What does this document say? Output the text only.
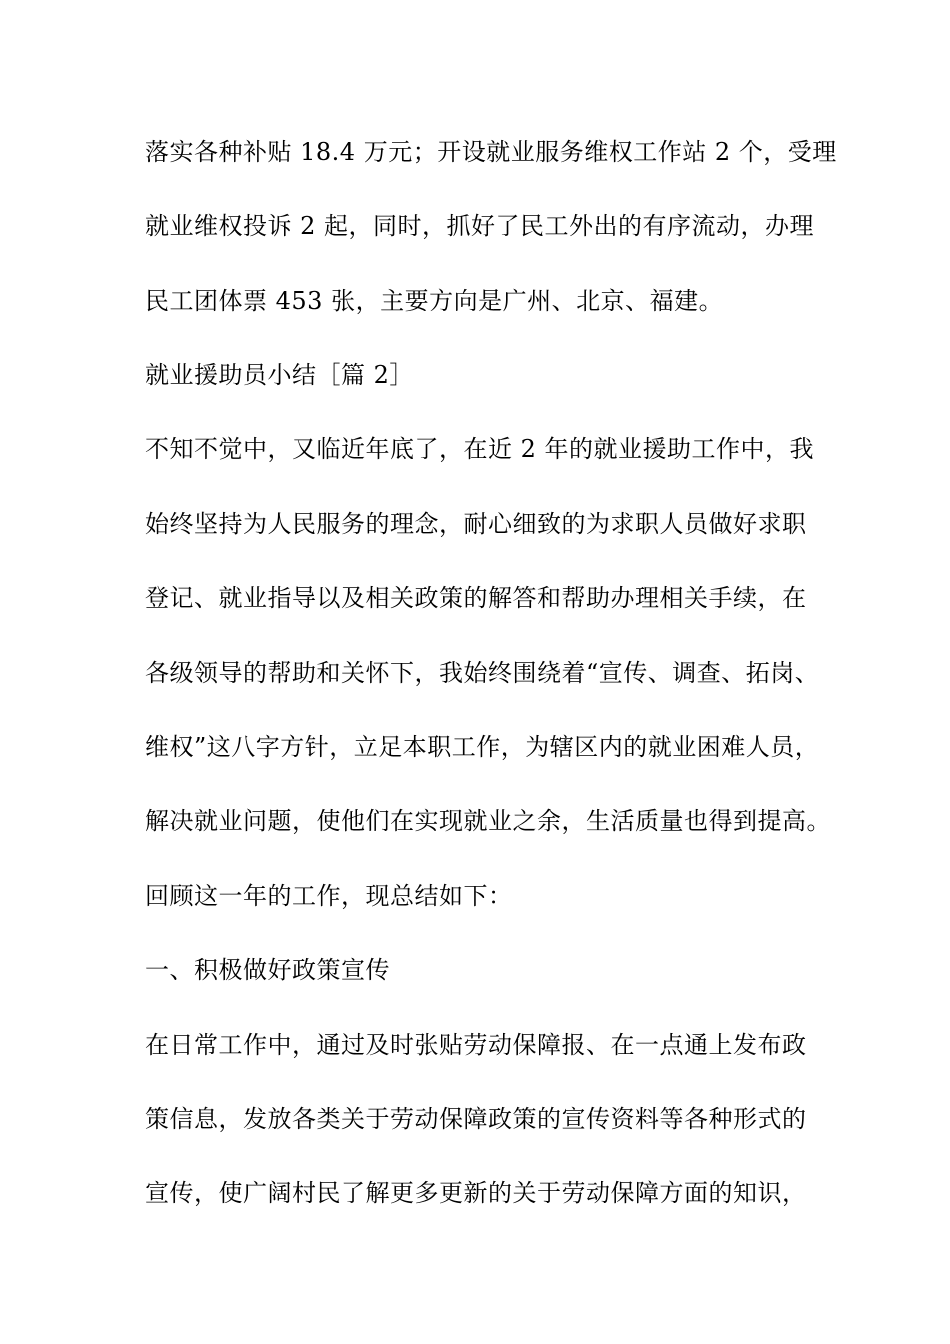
落实各种补贴 18.4 万元；开设就业服务维权工作站 2 个，受理
就业维权投诉 2 起，同时，抓好了民工外出的有序流动，办理
民工团体票 453 张，主要方向是广州、北京、福建。
就业援助员小结［篇 2］
不知不觉中，又临近年底了，在近 2 年的就业援助工作中，我
始终坚持为人民服务的理念，耐心细致的为求职人员做好求职
登记、就业指导以及相关政策的解答和帮助办理相关手续，在
各级领导的帮助和关怀下，我始终围绕着“宣传、调查、拓岗、
维权”这八字方针，立足本职工作，为辖区内的就业困难人员，
解决就业问题，使他们在实现就业之余，生活质量也得到提高。
回顾这一年的工作，现总结如下：
一、积极做好政策宣传
在日常工作中，通过及时张贴劳动保障报、在一点通上发布政
策信息，发放各类关于劳动保障政策的宣传资料等各种形式的
宣传，使广阔村民了解更多更新的关于劳动保障方面的知识，
